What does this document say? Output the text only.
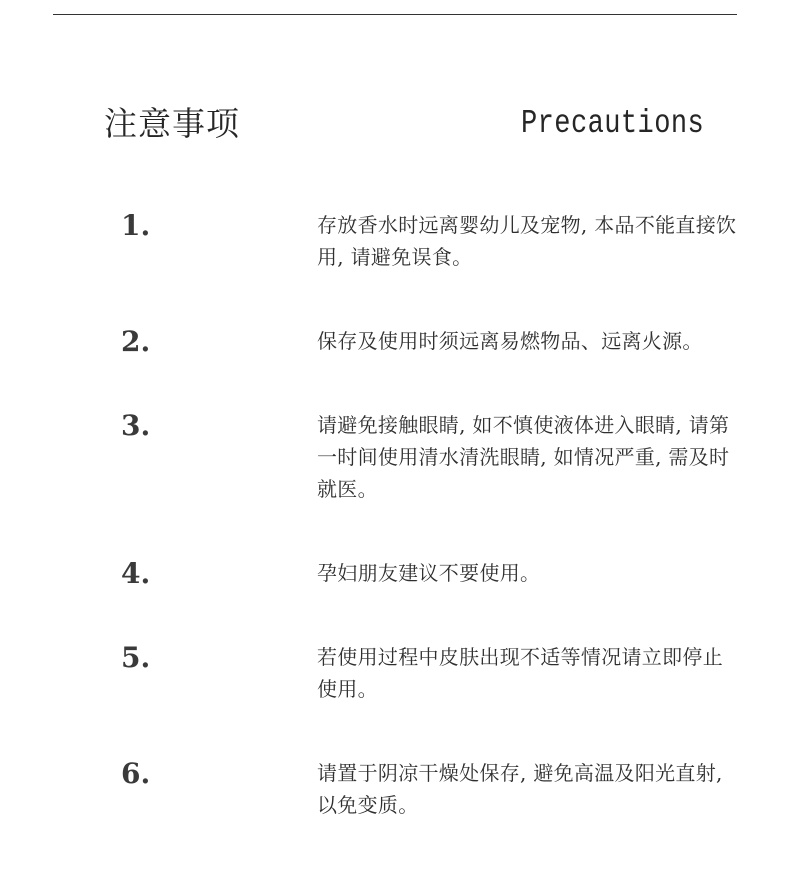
注意事项	Precautions
1.	存放香水时远离婴幼儿及宠物, 本品不能直接饮用, 请避免误食。
2.	保存及使用时须远离易燃物品、远离火源。
3.	请避免接触眼睛, 如不慎使液体进入眼睛, 请第一时间使用清水清洗眼睛, 如情况严重, 需及时就医。
4.	孕妇朋友建议不要使用。
5.	若使用过程中皮肤出现不适等情况请立即停止使用。
6.	请置于阴凉干燥处保存, 避免高温及阳光直射, 以免变质。
